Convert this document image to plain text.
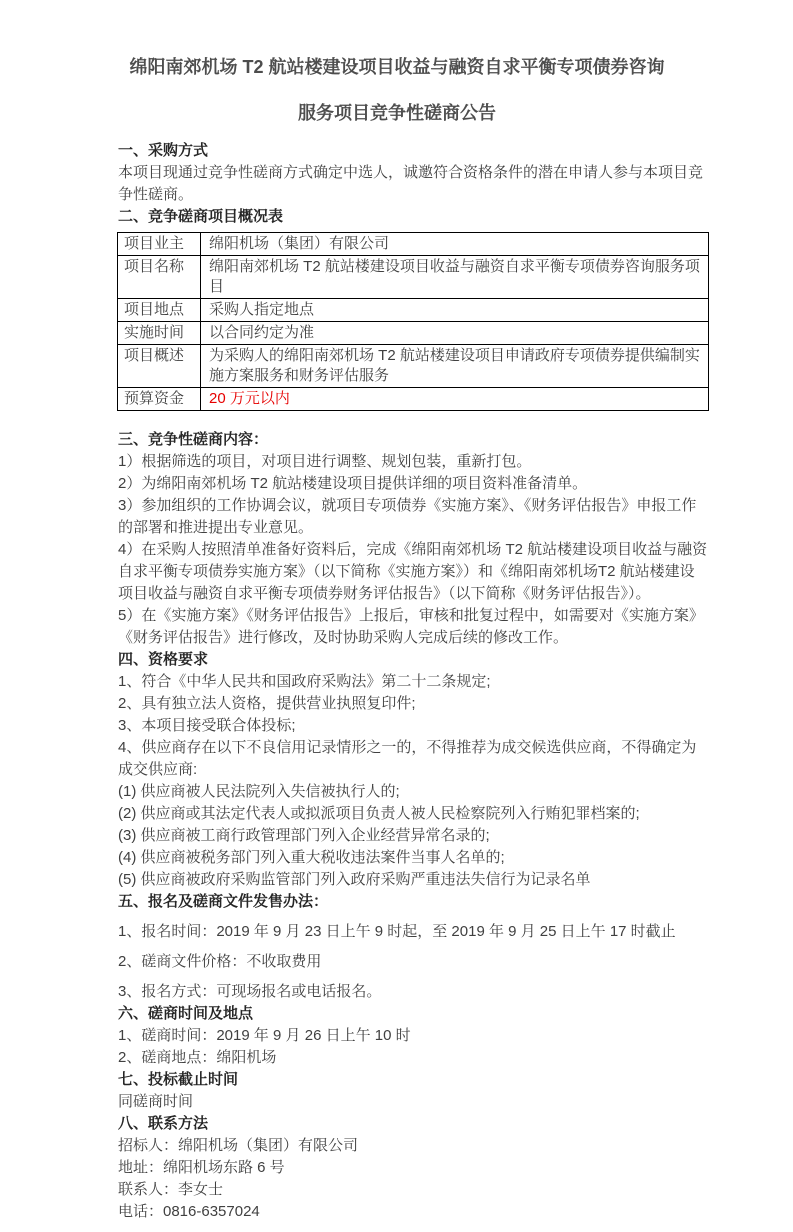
绵阳南郊机场 T2 航站楼建设项目收益与融资自求平衡专项债券咨询
服务项目竞争性磋商公告
一、采购方式

本项目现通过竞争性磋商方式确定中选人，诚邀符合资格条件的潜在申请人参与本项目竞争性磋商。

二、竞争磋商项目概况表
项目业主	绵阳机场（集团）有限公司
项目名称	绵阳南郊机场 T2 航站楼建设项目收益与融资自求平衡专项债券咨询服务项目
项目地点	采购人指定地点
实施时间	以合同约定为准
项目概述	为采购人的绵阳南郊机场 T2 航站楼建设项目申请政府专项债券提供编制实施方案服务和财务评估服务
预算资金	20 万元以内
三、竞争性磋商内容：

1）根据筛选的项目，对项目进行调整、规划包装，重新打包。

2）为绵阳南郊机场 T2 航站楼建设项目提供详细的项目资料准备清单。

3）参加组织的工作协调会议，就项目专项债券《实施方案》、《财务评估报告》申报工作的部署和推进提出专业意见。

4）在采购人按照清单准备好资料后，完成《绵阳南郊机场 T2 航站楼建设项目收益与融资自求平衡专项债券实施方案》（以下简称《实施方案》）和《绵阳南郊机场T2 航站楼建设项目收益与融资自求平衡专项债券财务评估报告》（以下简称《财务评估报告》）。

5）在《实施方案》《财务评估报告》上报后，审核和批复过程中，如需要对《实施方案》《财务评估报告》进行修改，及时协助采购人完成后续的修改工作。

四、资格要求

1、符合《中华人民共和国政府采购法》第二十二条规定;

2、具有独立法人资格，提供营业执照复印件;

3、本项目接受联合体投标;

4、供应商存在以下不良信用记录情形之一的，不得推荐为成交候选供应商，不得确定为成交供应商:

(1) 供应商被人民法院列入失信被执行人的;

(2) 供应商或其法定代表人或拟派项目负责人被人民检察院列入行贿犯罪档案的;

(3) 供应商被工商行政管理部门列入企业经营异常名录的;

(4) 供应商被税务部门列入重大税收违法案件当事人名单的;

(5) 供应商被政府采购监管部门列入政府采购严重违法失信行为记录名单

五、报名及磋商文件发售办法：

1、报名时间：2019 年 9 月 23 日上午 9 时起，至 2019 年 9 月 25 日上午 17 时截止

2、磋商文件价格：不收取费用

3、报名方式：可现场报名或电话报名。

六、磋商时间及地点

1、磋商时间：2019 年 9 月 26 日上午 10 时

2、磋商地点：绵阳机场

七、投标截止时间

同磋商时间

八、联系方法

招标人：绵阳机场（集团）有限公司

地址：绵阳机场东路 6 号

联系人：李女士

电话：0816-6357024
